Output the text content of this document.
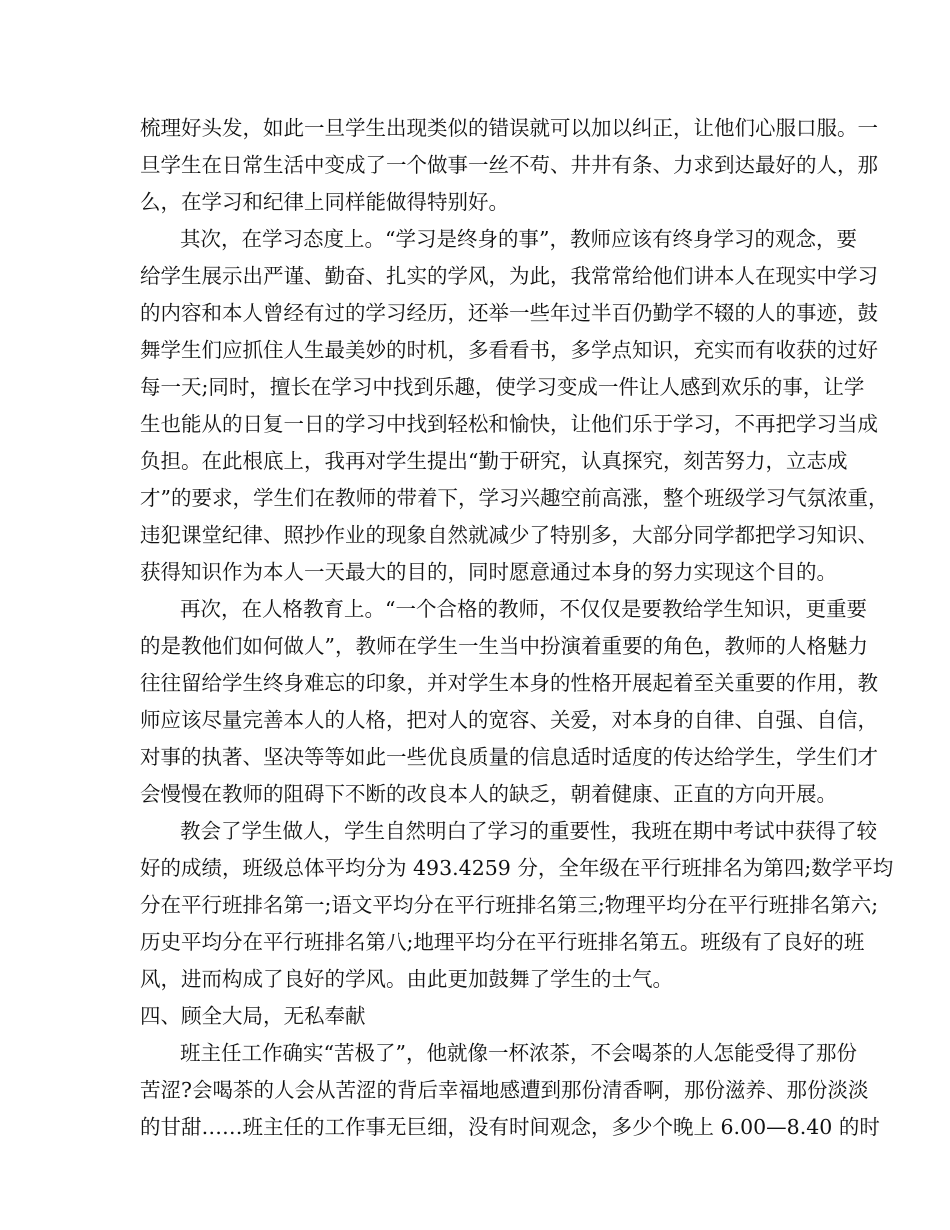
梳理好头发，如此一旦学生出现类似的错误就可以加以纠正，让他们心服口服。一
旦学生在日常生活中变成了一个做事一丝不苟、井井有条、力求到达最好的人，那
么，在学习和纪律上同样能做得特别好。
其次，在学习态度上。“学习是终身的事”，教师应该有终身学习的观念，要
给学生展示出严谨、勤奋、扎实的学风，为此，我常常给他们讲本人在现实中学习
的内容和本人曾经有过的学习经历，还举一些年过半百仍勤学不辍的人的事迹，鼓
舞学生们应抓住人生最美妙的时机，多看看书，多学点知识，充实而有收获的过好
每一天;同时，擅长在学习中找到乐趣，使学习变成一件让人感到欢乐的事，让学
生也能从的日复一日的学习中找到轻松和愉快，让他们乐于学习，不再把学习当成
负担。在此根底上，我再对学生提出“勤于研究，认真探究，刻苦努力，立志成
才”的要求，学生们在教师的带着下，学习兴趣空前高涨，整个班级学习气氛浓重，
违犯课堂纪律、照抄作业的现象自然就减少了特别多，大部分同学都把学习知识、
获得知识作为本人一天最大的目的，同时愿意通过本身的努力实现这个目的。
再次，在人格教育上。“一个合格的教师，不仅仅是要教给学生知识，更重要
的是教他们如何做人”，教师在学生一生当中扮演着重要的角色，教师的人格魅力
往往留给学生终身难忘的印象，并对学生本身的性格开展起着至关重要的作用，教
师应该尽量完善本人的人格，把对人的宽容、关爱，对本身的自律、自强、自信，
对事的执著、坚决等等如此一些优良质量的信息适时适度的传达给学生，学生们才
会慢慢在教师的阻碍下不断的改良本人的缺乏，朝着健康、正直的方向开展。
教会了学生做人，学生自然明白了学习的重要性，我班在期中考试中获得了较
好的成绩，班级总体平均分为 493.4259 分，全年级在平行班排名为第四;数学平均
分在平行班排名第一;语文平均分在平行班排名第三;物理平均分在平行班排名第六;
历史平均分在平行班排名第八;地理平均分在平行班排名第五。班级有了良好的班
风，进而构成了良好的学风。由此更加鼓舞了学生的士气。
四、顾全大局，无私奉献
班主任工作确实“苦极了”，他就像一杯浓茶，不会喝茶的人怎能受得了那份
苦涩?会喝茶的人会从苦涩的背后幸福地感遭到那份清香啊，那份滋养、那份淡淡
的甘甜……班主任的工作事无巨细，没有时间观念，多少个晚上 6.00—8.40 的时
